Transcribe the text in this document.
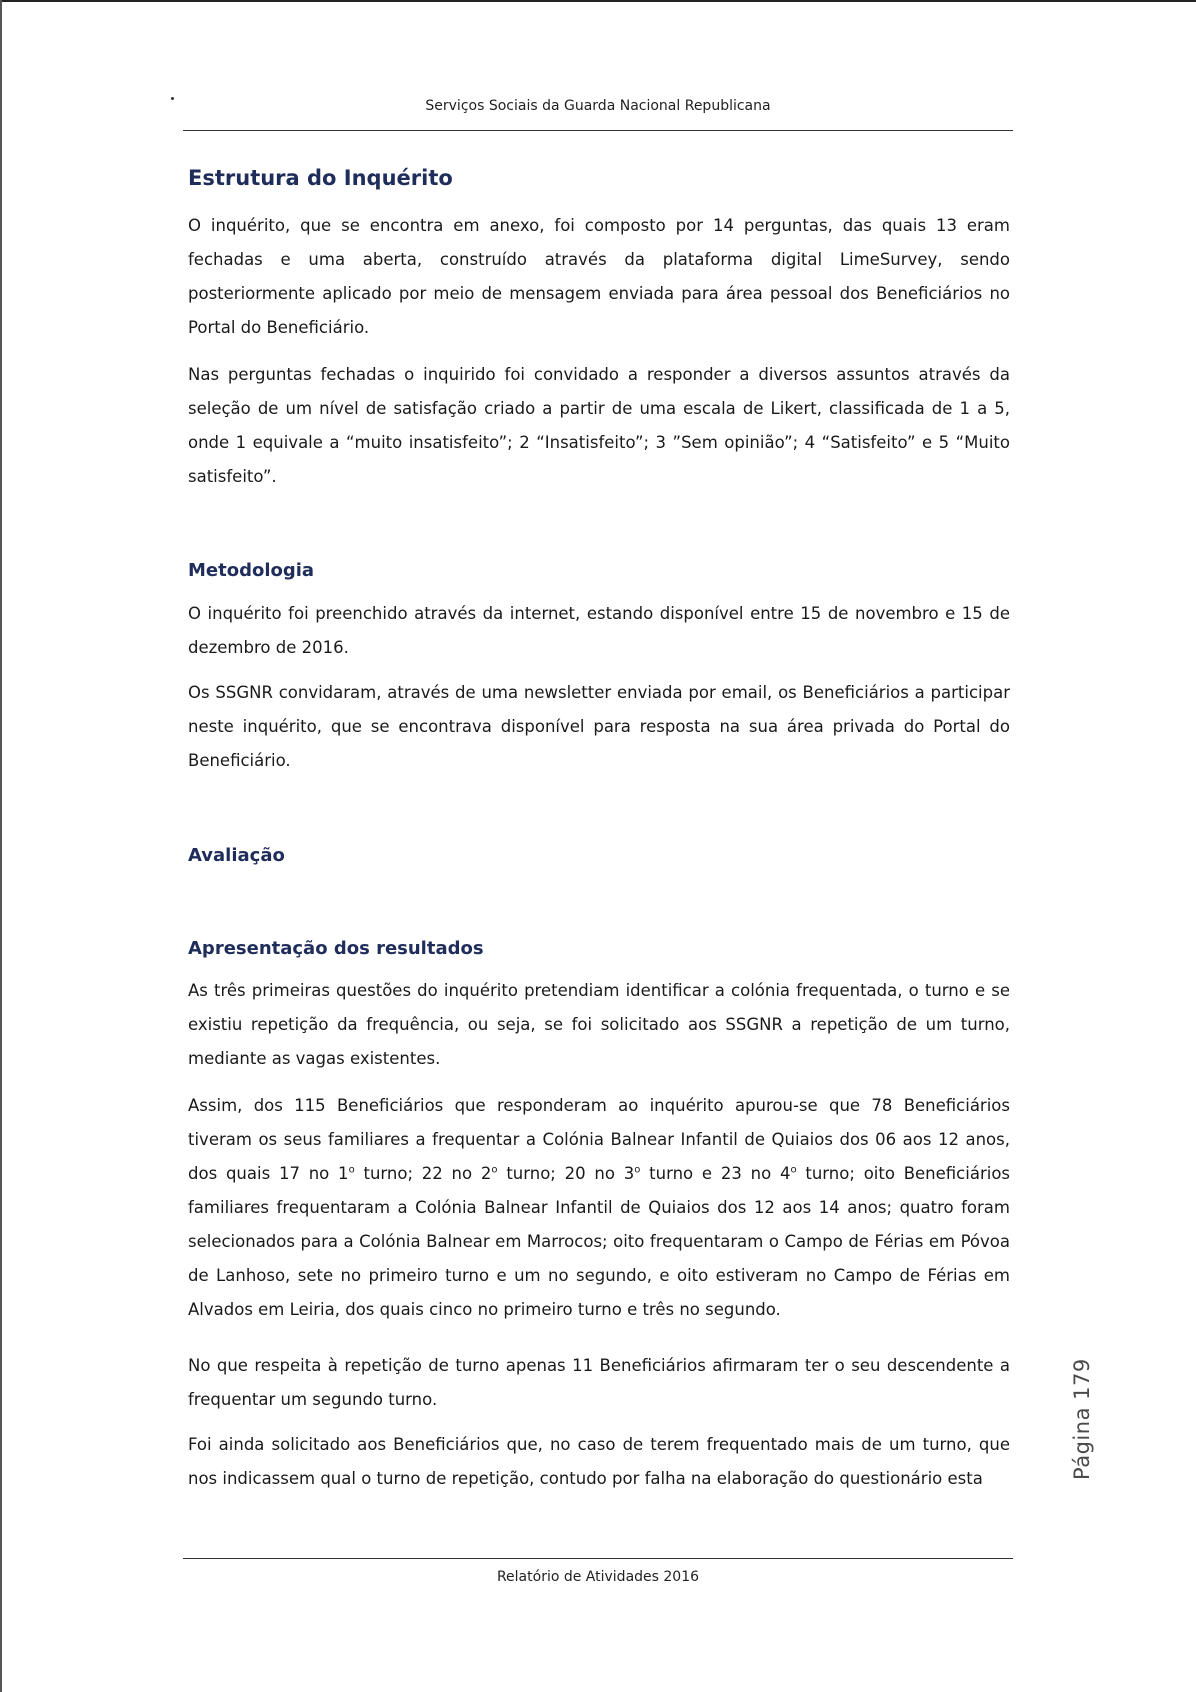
Serviços Sociais da Guarda Nacional Republicana
Estrutura do Inquérito

O inquérito, que se encontra em anexo, foi composto por 14 perguntas, das quais 13 eram fechadas e uma aberta, construído através da plataforma digital LimeSurvey, sendo posteriormente aplicado por meio de mensagem enviada para área pessoal dos Beneficiários no Portal do Beneficiário.

Nas perguntas fechadas o inquirido foi convidado a responder a diversos assuntos através da seleção de um nível de satisfação criado a partir de uma escala de Likert, classificada de 1 a 5, onde 1 equivale a “muito insatisfeito”; 2 “Insatisfeito”; 3 ”Sem opinião”; 4 “Satisfeito” e 5 “Muito satisfeito”.

Metodologia

O inquérito foi preenchido através da internet, estando disponível entre 15 de novembro e 15 de dezembro de 2016.

Os SSGNR convidaram, através de uma newsletter enviada por email, os Beneficiários a participar neste inquérito, que se encontrava disponível para resposta na sua área privada do Portal do Beneficiário.

Avaliação
Apresentação dos resultados

As três primeiras questões do inquérito pretendiam identificar a colónia frequentada, o turno e se existiu repetição da frequência, ou seja, se foi solicitado aos SSGNR a repetição de um turno, mediante as vagas existentes.

Assim, dos 115 Beneficiários que responderam ao inquérito apurou-se que 78 Beneficiários tiveram os seus familiares a frequentar a Colónia Balnear Infantil de Quiaios dos 06 aos 12 anos, dos quais 17 no 1$^o$ turno; 22 no 2$^o$ turno; 20 no 3$^o$ turno e 23 no 4$^o$ turno; oito Beneficiários familiares frequentaram a Colónia Balnear Infantil de Quiaios dos 12 aos 14 anos; quatro foram selecionados para a Colónia Balnear em Marrocos; oito frequentaram o Campo de Férias em Póvoa de Lanhoso, sete no primeiro turno e um no segundo, e oito estiveram no Campo de Férias em Alvados em Leiria, dos quais cinco no primeiro turno e três no segundo.

No que respeita à repetição de turno apenas 11 Beneficiários afirmaram ter o seu descendente a frequentar um segundo turno.

Foi ainda solicitado aos Beneficiários que, no caso de terem frequentado mais de um turno, que nos indicassem qual o turno de repetição, contudo por falha na elaboração do questionário esta

Relatório de Atividades 2016
Página 179
